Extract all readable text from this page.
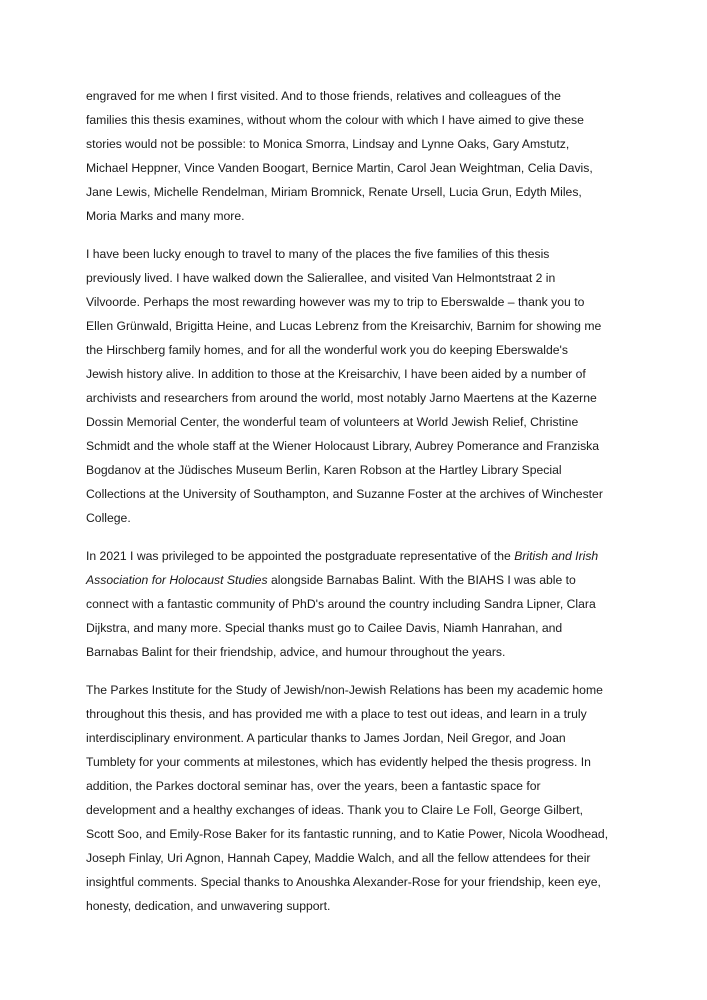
engraved for me when I first visited. And to those friends, relatives and colleagues of the
families this thesis examines, without whom the colour with which I have aimed to give these
stories would not be possible: to Monica Smorra, Lindsay and Lynne Oaks, Gary Amstutz,
Michael Heppner, Vince Vanden Boogart, Bernice Martin, Carol Jean Weightman, Celia Davis,
Jane Lewis, Michelle Rendelman, Miriam Bromnick, Renate Ursell, Lucia Grun, Edyth Miles,
Moria Marks and many more.

I have been lucky enough to travel to many of the places the five families of this thesis
previously lived. I have walked down the Salierallee, and visited Van Helmontstraat 2 in
Vilvoorde. Perhaps the most rewarding however was my to trip to Eberswalde – thank you to
Ellen Grünwald, Brigitta Heine, and Lucas Lebrenz from the Kreisarchiv, Barnim for showing me
the Hirschberg family homes, and for all the wonderful work you do keeping Eberswalde's
Jewish history alive. In addition to those at the Kreisarchiv, I have been aided by a number of
archivists and researchers from around the world, most notably Jarno Maertens at the Kazerne
Dossin Memorial Center, the wonderful team of volunteers at World Jewish Relief, Christine
Schmidt and the whole staff at the Wiener Holocaust Library, Aubrey Pomerance and Franziska
Bogdanov at the Jüdisches Museum Berlin, Karen Robson at the Hartley Library Special
Collections at the University of Southampton, and Suzanne Foster at the archives of Winchester
College.

In 2021 I was privileged to be appointed the postgraduate representative of the British and Irish
Association for Holocaust Studies alongside Barnabas Balint. With the BIAHS I was able to
connect with a fantastic community of PhD's around the country including Sandra Lipner, Clara
Dijkstra, and many more. Special thanks must go to Cailee Davis, Niamh Hanrahan, and
Barnabas Balint for their friendship, advice, and humour throughout the years.

The Parkes Institute for the Study of Jewish/non-Jewish Relations has been my academic home
throughout this thesis, and has provided me with a place to test out ideas, and learn in a truly
interdisciplinary environment. A particular thanks to James Jordan, Neil Gregor, and Joan
Tumblety for your comments at milestones, which has evidently helped the thesis progress. In
addition, the Parkes doctoral seminar has, over the years, been a fantastic space for
development and a healthy exchanges of ideas. Thank you to Claire Le Foll, George Gilbert,
Scott Soo, and Emily-Rose Baker for its fantastic running, and to Katie Power, Nicola Woodhead,
Joseph Finlay, Uri Agnon, Hannah Capey, Maddie Walch, and all the fellow attendees for their
insightful comments. Special thanks to Anoushka Alexander-Rose for your friendship, keen eye,
honesty, dedication, and unwavering support.
